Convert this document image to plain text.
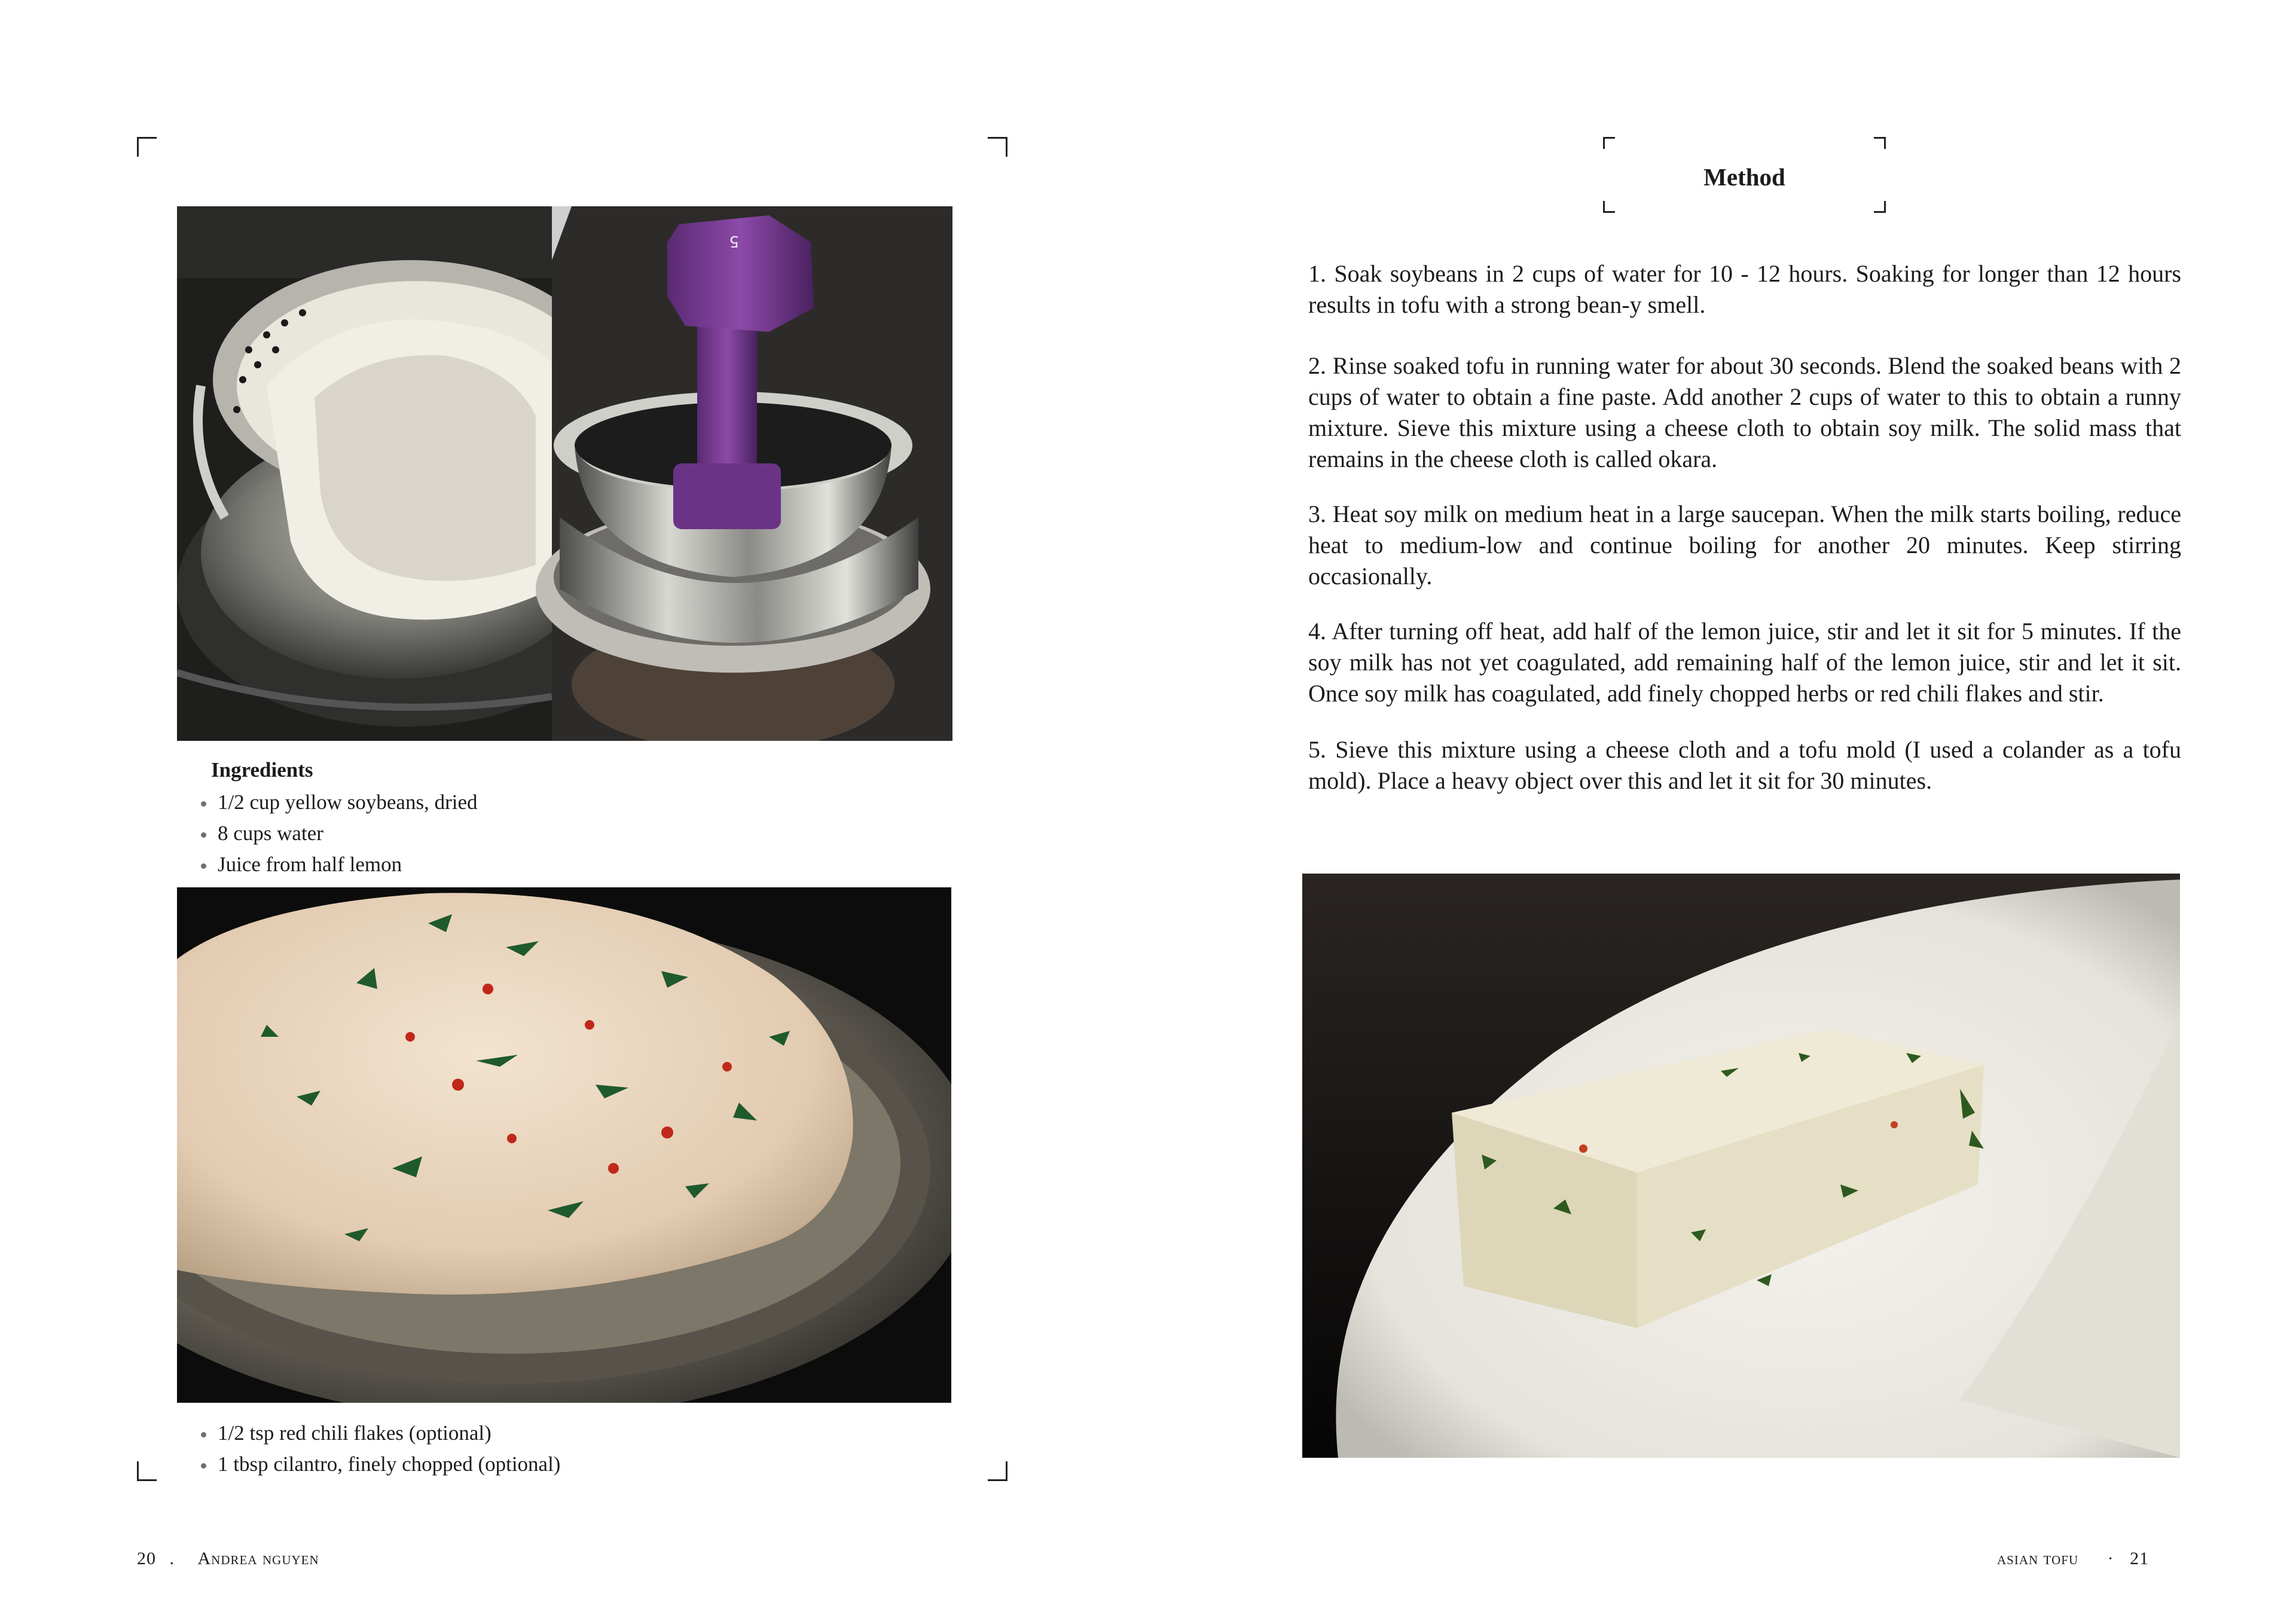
5
Ingredients
1/2 cup yellow soybeans, dried
8 cups water
Juice from half lemon
1/2 tsp red chili flakes (optional)
1 tbsp cilantro, finely chopped (optional)
20 . Andrea nguyen
Method

1. Soak soybeans in 2 cups of water for 10 - 12 hours. Soaking for longer than 12 hours results in tofu with a strong bean-y smell.

2. Rinse soaked tofu in running water for about 30 seconds. Blend the soaked beans with 2 cups of water to obtain a fine paste. Add another 2 cups of water to this to obtain a runny mixture. Sieve this mixture using a cheese cloth to obtain soy milk. The solid mass that remains in the cheese cloth is called okara.

3. Heat soy milk on medium heat in a large saucepan. When the milk starts boiling, reduce heat to medium-low and continue boiling for another 20 minutes. Keep stirring occasionally.

4. After turning off heat, add half of the lemon juice, stir and let it sit for 5 minutes. If the soy milk has not yet coagulated, add remaining half of the lemon juice, stir and let it sit. Once soy milk has coagulated, add finely chopped herbs or red chili flakes and stir.

5. Sieve this mixture using a cheese cloth and a tofu mold (I used a colander as a tofu mold). Place a heavy object over this and let it sit for 30 minutes.

asian tofu · 21
